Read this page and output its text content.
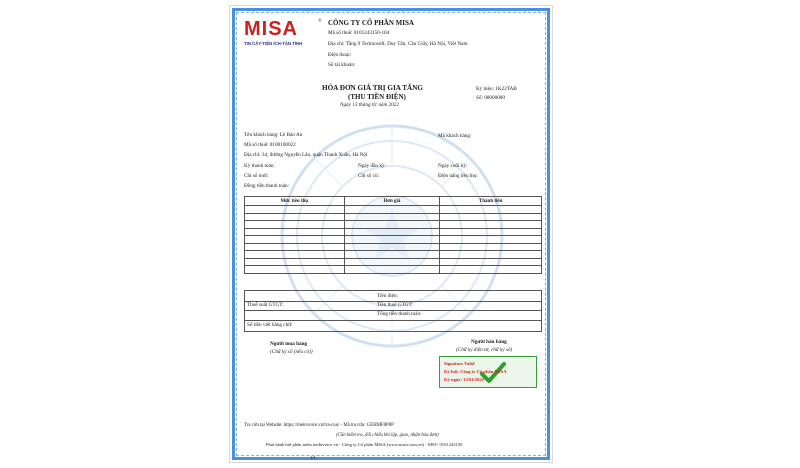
MISA	®
TIN CẬY-TIỆN ÍCH-TẬN TÌNH
CÔNG TY CỔ PHẦN MISA
Mã số thuế: 0101243150-104
Địa chỉ: Tầng 9 Technosoft, Duy Tân, Cầu Giấy, Hà Nội, Việt Nam
Điện thoại:
Số tài khoản:
HÓA ĐƠN GIÁ TRỊ GIA TĂNG
(THU TIỀN ĐIỆN)
Ngày 13 tháng 01 năm 2022
Ký hiệu: 1K22TAB
Số: 00000000
Tên khách hàng: Lê Bảo An	Mã khách hàng:
Mã số thuế: 0100100022
Địa chỉ: 34, đường Nguyễn Lân, quận Thanh Xuân, Hà Nội
Kỳ thanh toán:	Ngày đầu kỳ:	Ngày cuối kỳ:
Chỉ số mới:	Chỉ số cũ:	Điện năng tiêu thụ:
Đồng tiền thanh toán:
Mức tiêu thụ	Đơn giá	Thành tiền

Tiền điện:
Thuế suất GTGT:	Tiền thuế GTGT:
Tổng tiền thanh toán:
Số tiền viết bằng chữ:
Người mua hàng
(Chữ ký số (nếu có))
Người bán hàng
(Chữ ký điện tử, chữ ký số)
Signature Valid
Ký bởi: Công ty Cổ phần MISA
Ký ngày: 13/01/2022
Tra cứu tại Website: https://meinvoice.vn/tra-cuu/ - Mã tra cứu: GEHMF8P8P
(Cần kiểm tra, đối chiếu khi lập, giao, nhận hóa đơn)
Phát hành bởi phần mềm meInvoice.vn - Công ty Cổ phần MISA (www.misa.com.vn) - MST: 0101243150
1/1
